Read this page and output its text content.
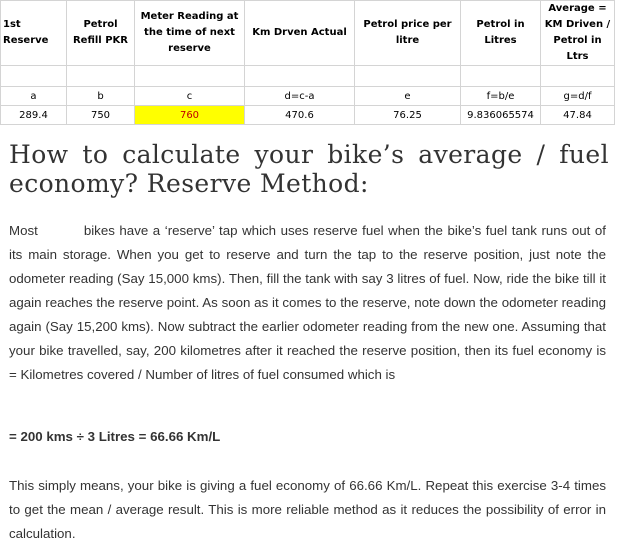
1st Reserve	Petrol Refill PKR	Meter Reading at the time of next reserve	Km Drven Actual	Petrol price per litre	Petrol in Litres	Average = KM Driven / Petrol in Ltrs

a	b	c	d=c-a	e	f=b/e	g=d/f
289.4	750	760	470.6	76.25	9.836065574	47.84
How to calculate your bike’s average / fuel economy? Reserve Method:

Most	bikes have a ‘reserve’ tap which uses reserve fuel when the bike’s fuel tank runs out of its main storage. When you get to reserve and turn the tap to the reserve position, just note the odometer reading (Say 15,000 kms). Then, fill the tank with say 3 litres of fuel. Now, ride the bike till it again reaches the reserve point. As soon as it comes to the reserve, note down the odometer reading again (Say 15,200 kms). Now subtract the earlier odometer reading from the new one. Assuming that your bike travelled, say, 200 kilometres after it reached the reserve position, then its fuel economy is = Kilometres covered / Number of litres of fuel consumed which is

= 200 kms ÷ 3 Litres = 66.66 Km/L

This simply means, your bike is giving a fuel economy of 66.66 Km/L. Repeat this exercise 3-4 times to get the mean / average result. This is more reliable method as it reduces the possibility of error in calculation.
